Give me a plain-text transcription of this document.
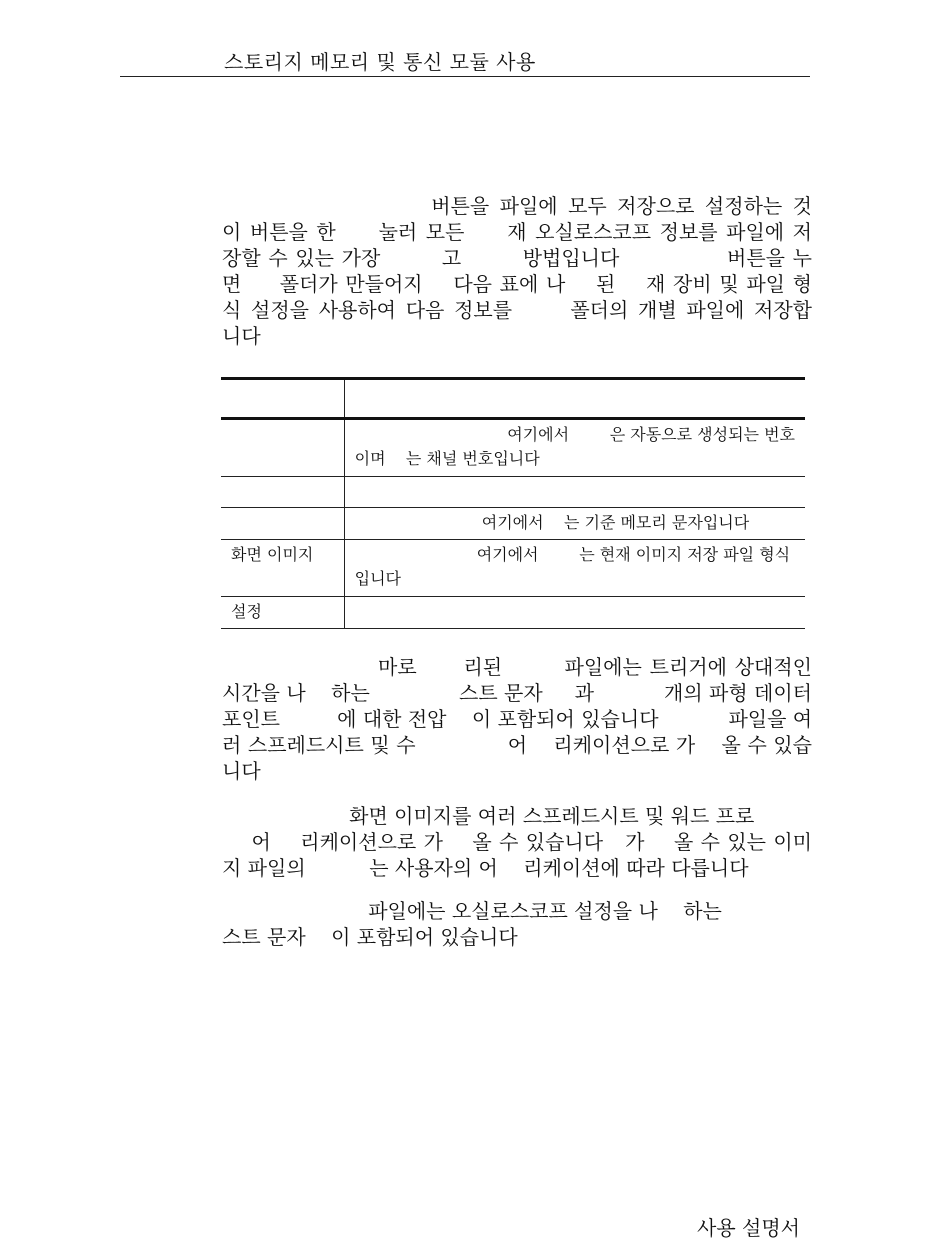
스토리지 메모리 및 통신 모듈 사용
버튼을 파일에 모두 저장으로 설정하는 것
이 버튼을 한     눌러 모든     재 오실로스코프 정보를 파일에 저
장할 수 있는 가장        고        방법입니다              버튼을 누
면     폴더가 만들어지    다음 표에 나    된    재 장비 및 파일 형
식 설정을 사용하여 다음 정보를      폴더의 개별 파일에 저장합
니다

	여기에서        은 자동으로 생성되는 번호
이며    는 채널 번호입니다

	여기에서    는 기준 메모리 문자입니다

화면 이미지	여기에서        는 현재 이미지 저장 파일 형식
입니다

설정	
마로      리된        파일에는 트리거에 상대적인
시간을 나    하는              스트 문자     과           개의 파형 데이터
포인트         에 대한 전압    이 포함되어 있습니다           파일을 여
러 스프레드시트 및 수              어    리케이션으로 가    올 수 있습
니다
화면 이미지를 여러 스프레드시트 및 워드 프로
어    리케이션으로 가    올 수 있습니다   가    올 수 있는 이미
지 파일의          는 사용자의 어    리케이션에 따라 다릅니다
파일에는 오실로스코프 설정을 나    하는
스트 문자    이 포함되어 있습니다
사용 설명서
